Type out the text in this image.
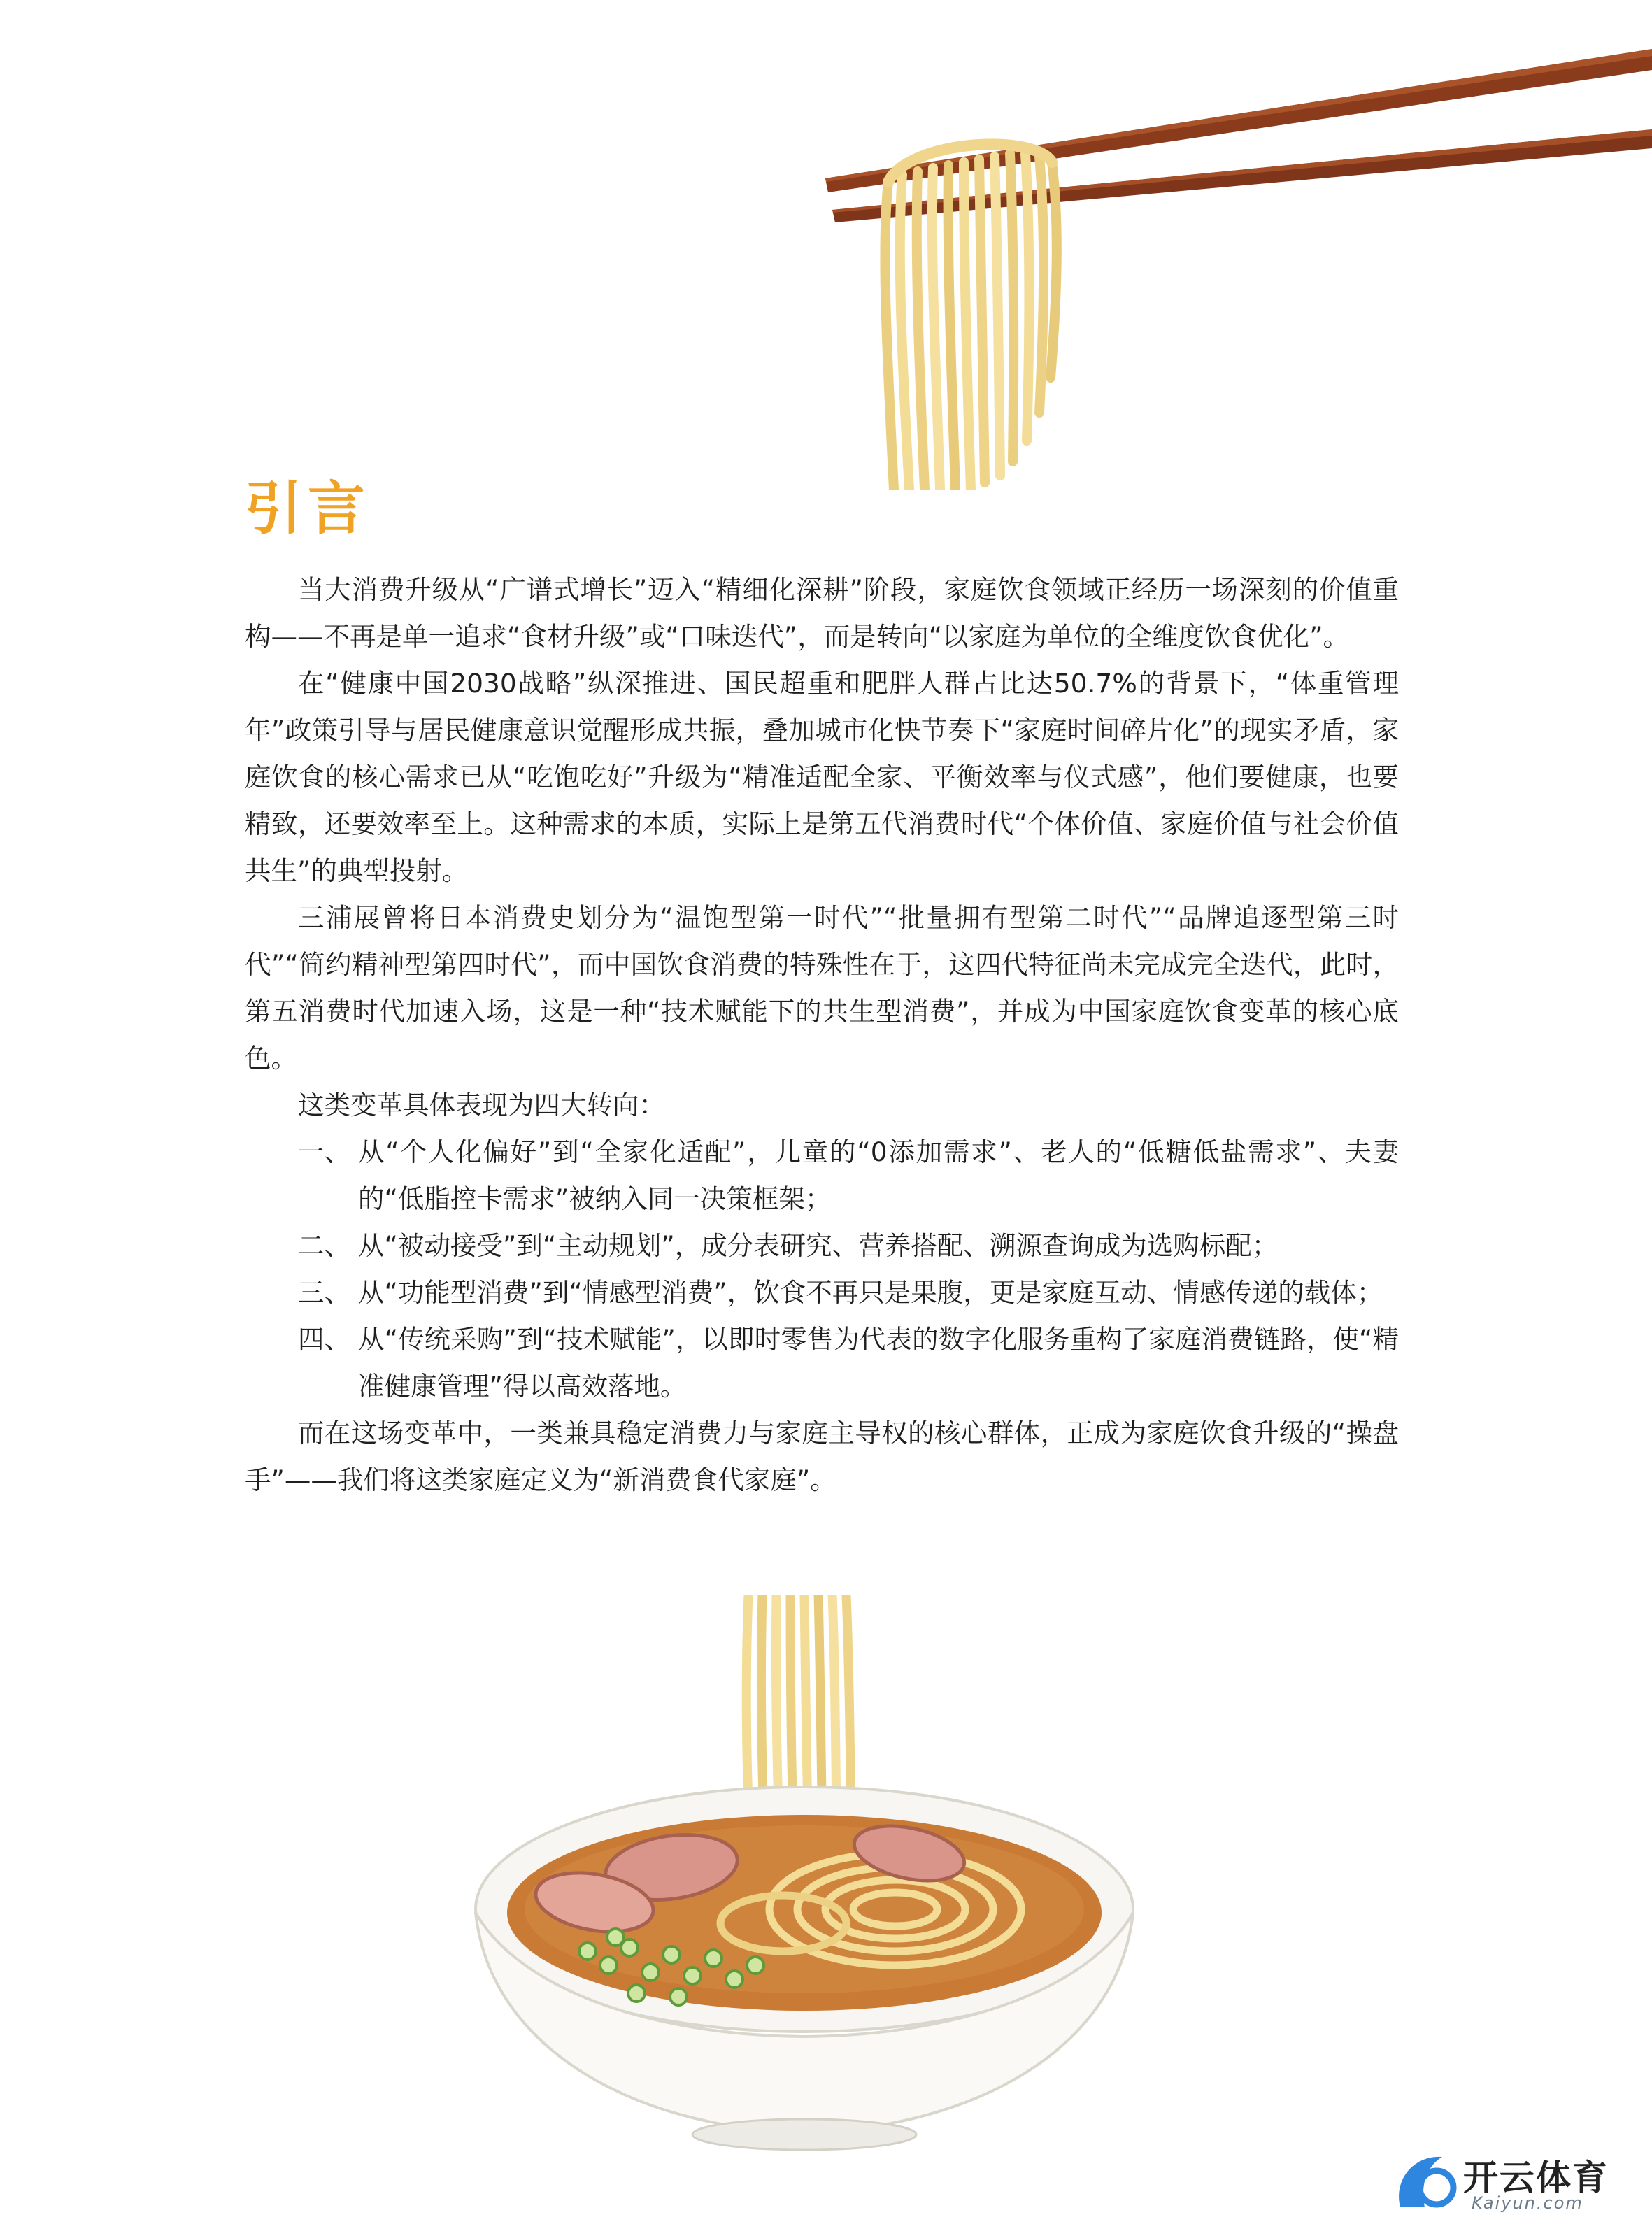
引言

当大消费升级从“广谱式增长”迈入“精细化深耕”阶段，家庭饮食领域正经历一场深刻的价值重构——不再是单一追求“食材升级”或“口味迭代”，而是转向“以家庭为单位的全维度饮食优化”。

在“健康中国2030战略”纵深推进、国民超重和肥胖人群占比达50.7%的背景下，“体重管理年”政策引导与居民健康意识觉醒形成共振，叠加城市化快节奏下“家庭时间碎片化”的现实矛盾，家庭饮食的核心需求已从“吃饱吃好”升级为“精准适配全家、平衡效率与仪式感”，他们要健康，也要精致，还要效率至上。这种需求的本质，实际上是第五代消费时代“个体价值、家庭价值与社会价值共生”的典型投射。

三浦展曾将日本消费史划分为“温饱型第一时代”“批量拥有型第二时代”“品牌追逐型第三时代”“简约精神型第四时代”，而中国饮食消费的特殊性在于，这四代特征尚未完成完全迭代，此时，第五消费时代加速入场，这是一种“技术赋能下的共生型消费”，并成为中国家庭饮食变革的核心底色。

这类变革具体表现为四大转向：

一、 从“个人化偏好”到“全家化适配”，儿童的“0添加需求”、老人的“低糖低盐需求”、夫妻的“低脂控卡需求”被纳入同一决策框架；
二、 从“被动接受”到“主动规划”，成分表研究、营养搭配、溯源查询成为选购标配；
三、 从“功能型消费”到“情感型消费”，饮食不再只是果腹，更是家庭互动、情感传递的载体；
四、 从“传统采购”到“技术赋能”，以即时零售为代表的数字化服务重构了家庭消费链路，使“精准健康管理”得以高效落地。

而在这场变革中，一类兼具稳定消费力与家庭主导权的核心群体，正成为家庭饮食升级的“操盘手”——我们将这类家庭定义为“新消费食代家庭”。

开云体育
Kaiyun.com
